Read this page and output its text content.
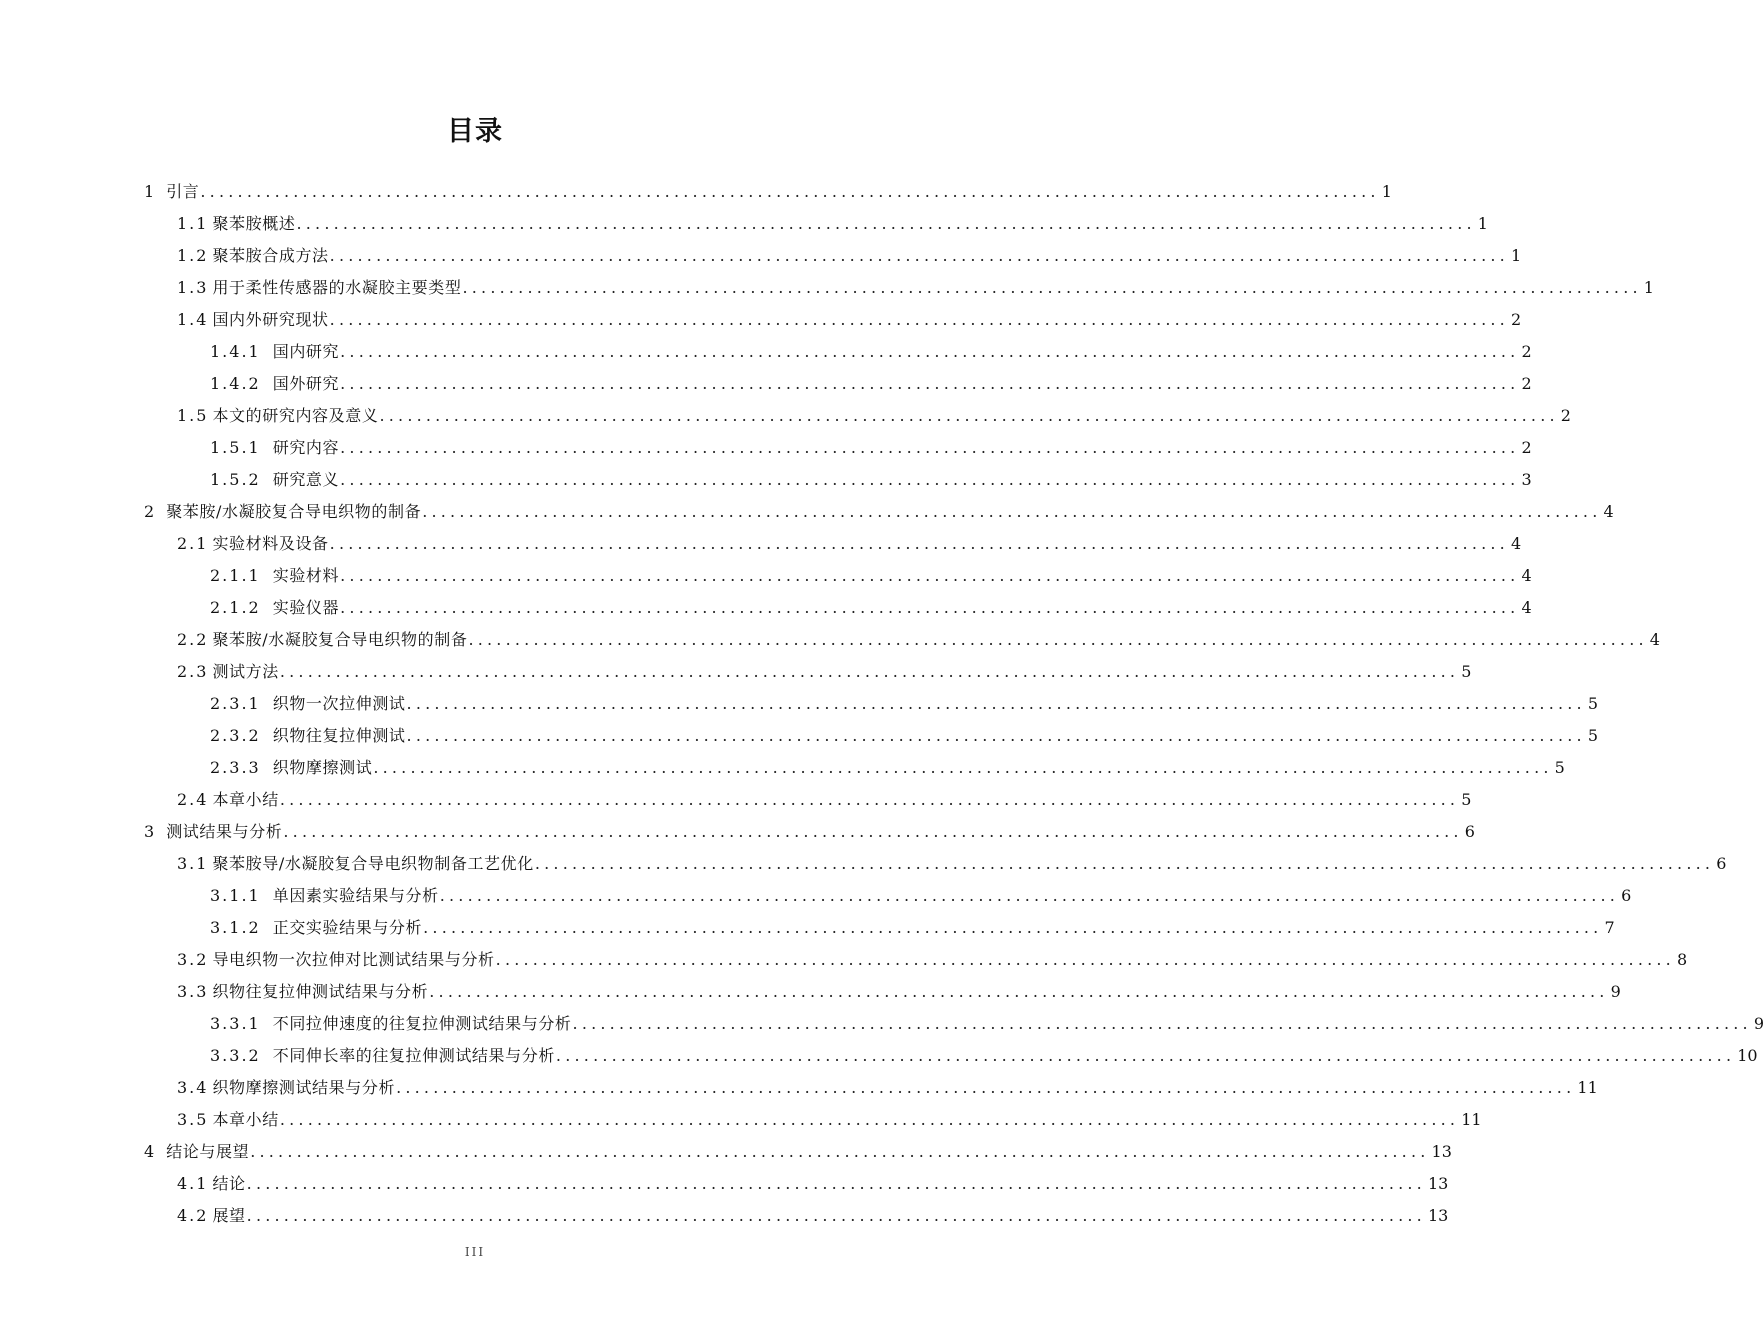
目录
1 引言 ............................................................................................................................... 1
1.1 聚苯胺概述 ............................................................................................................................... 1
1.2 聚苯胺合成方法 ............................................................................................................................... 1
1.3 用于柔性传感器的水凝胶主要类型 ............................................................................................................................... 1
1.4 国内外研究现状 ............................................................................................................................... 2
1.4.1 国内研究 ............................................................................................................................... 2
1.4.2 国外研究 ............................................................................................................................... 2
1.5 本文的研究内容及意义 ............................................................................................................................... 2
1.5.1 研究内容 ............................................................................................................................... 2
1.5.2 研究意义 ............................................................................................................................... 3
2 聚苯胺/水凝胶复合导电织物的制备 ............................................................................................................................... 4
2.1 实验材料及设备 ............................................................................................................................... 4
2.1.1 实验材料 ............................................................................................................................... 4
2.1.2 实验仪器 ............................................................................................................................... 4
2.2 聚苯胺/水凝胶复合导电织物的制备 ............................................................................................................................... 4
2.3 测试方法 ............................................................................................................................... 5
2.3.1 织物一次拉伸测试 ............................................................................................................................... 5
2.3.2 织物往复拉伸测试 ............................................................................................................................... 5
2.3.3 织物摩擦测试 ............................................................................................................................... 5
2.4 本章小结 ............................................................................................................................... 5
3 测试结果与分析 ............................................................................................................................... 6
3.1 聚苯胺导/水凝胶复合导电织物制备工艺优化 ............................................................................................................................... 6
3.1.1 单因素实验结果与分析 ............................................................................................................................... 6
3.1.2 正交实验结果与分析 ............................................................................................................................... 7
3.2 导电织物一次拉伸对比测试结果与分析 ............................................................................................................................... 8
3.3 织物往复拉伸测试结果与分析 ............................................................................................................................... 9
3.3.1 不同拉伸速度的往复拉伸测试结果与分析 ............................................................................................................................... 9
3.3.2 不同伸长率的往复拉伸测试结果与分析 ............................................................................................................................... 10
3.4 织物摩擦测试结果与分析 ............................................................................................................................... 11
3.5 本章小结 ............................................................................................................................... 11
4 结论与展望 ............................................................................................................................... 13
4.1 结论 ............................................................................................................................... 13
4.2 展望 ............................................................................................................................... 13
III
